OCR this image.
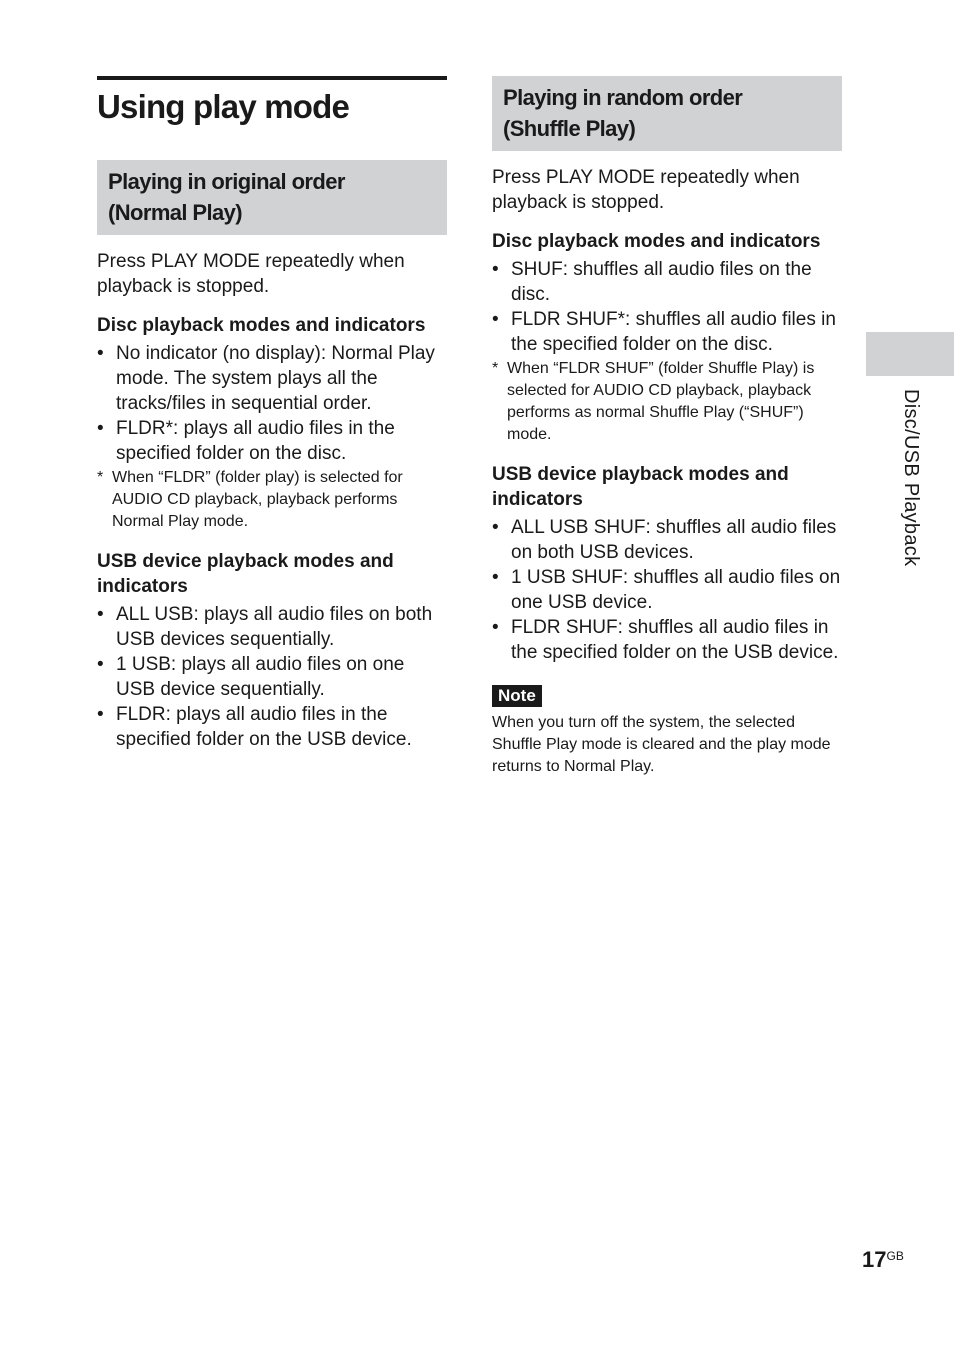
Using play mode
Playing in original order
(Normal Play)

Press PLAY MODE repeatedly when playback is stopped.

Disc playback modes and indicators
• No indicator (no display): Normal Play mode. The system plays all the tracks/files in sequential order.
• FLDR*: plays all audio files in the specified folder on the disc.
* When “FLDR” (folder play) is selected for AUDIO CD playback, playback performs Normal Play mode.
USB device playback modes and indicators
• ALL USB: plays all audio files on both USB devices sequentially.
• 1 USB: plays all audio files on one USB device sequentially.
• FLDR: plays all audio files in the specified folder on the USB device.
Playing in random order
(Shuffle Play)

Press PLAY MODE repeatedly when playback is stopped.

Disc playback modes and indicators
• SHUF: shuffles all audio files on the disc.
• FLDR SHUF*: shuffles all audio files in the specified folder on the disc.
* When “FLDR SHUF” (folder Shuffle Play) is selected for AUDIO CD playback, playback performs as normal Shuffle Play (“SHUF”) mode.
USB device playback modes and indicators
• ALL USB SHUF: shuffles all audio files on both USB devices.
• 1 USB SHUF: shuffles all audio files on one USB device.
• FLDR SHUF: shuffles all audio files in the specified folder on the USB device.
Note

When you turn off the system, the selected Shuffle Play mode is cleared and the play mode returns to Normal Play.

Disc/USB Playback
$17^{GB}$
